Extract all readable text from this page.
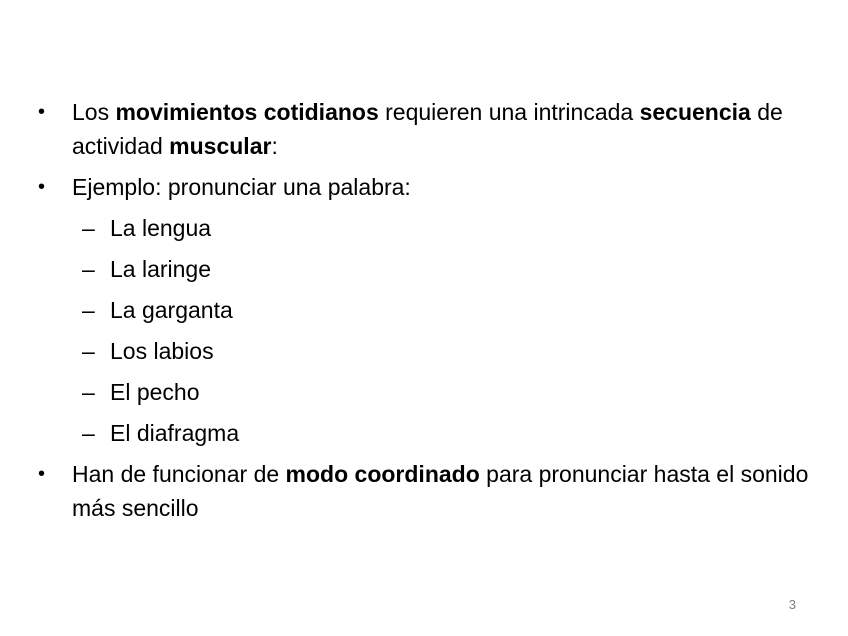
• Los movimientos cotidianos requieren una intrincada secuencia de actividad muscular:
• Ejemplo: pronunciar una palabra:
– La lengua
– La laringe
– La garganta
– Los labios
– El pecho
– El diafragma
• Han de funcionar de modo coordinado para pronunciar hasta el sonido más sencillo
3
